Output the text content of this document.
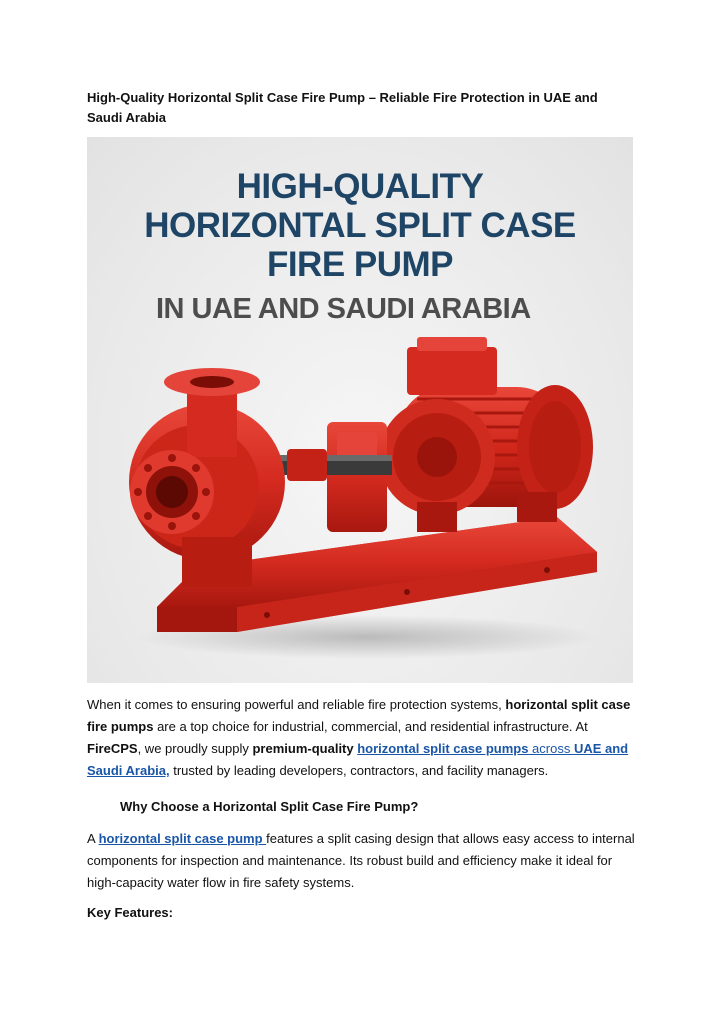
High-Quality Horizontal Split Case Fire Pump – Reliable Fire Protection in UAE and Saudi Arabia
HIGH-QUALITY
HORIZONTAL SPLIT CASE
FIRE PUMP
IN UAE AND SAUDI ARABIA
When it comes to ensuring powerful and reliable fire protection systems, horizontal split case fire pumps are a top choice for industrial, commercial, and residential infrastructure. At FireCPS, we proudly supply premium-quality horizontal split case pumps across UAE and Saudi Arabia, trusted by leading developers, contractors, and facility managers.
Why Choose a Horizontal Split Case Fire Pump?
A horizontal split case pump features a split casing design that allows easy access to internal components for inspection and maintenance. Its robust build and efficiency make it ideal for high-capacity water flow in fire safety systems.
Key Features:
